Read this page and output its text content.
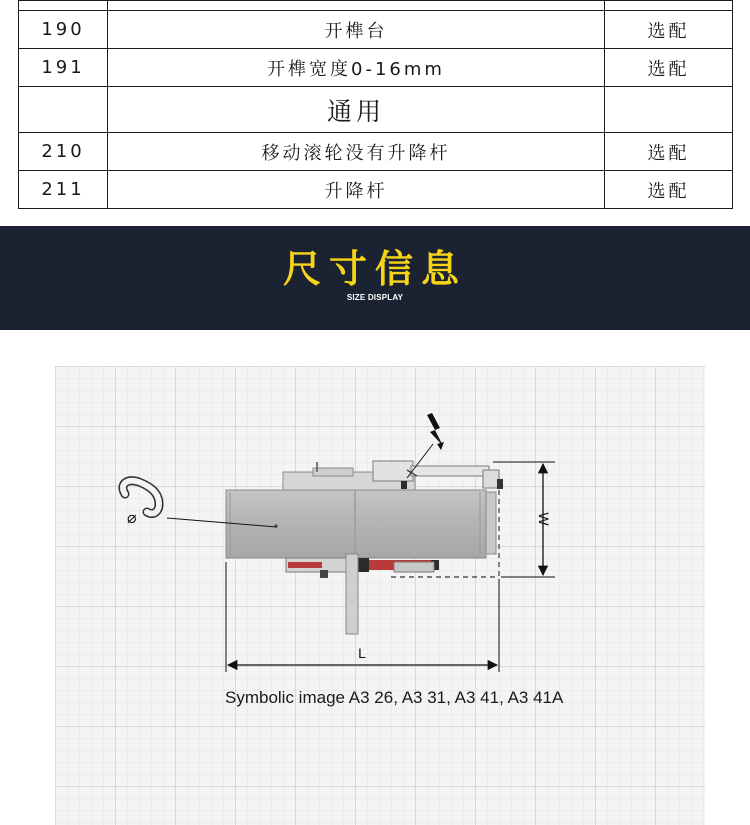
190	开榫台	选配
191	开榫宽度0-16mm	选配
	通用	
210	移动滚轮没有升降杆	选配
211	升降杆	选配
尺寸信息
SIZE DISPLAY
W
L
⌀
Symbolic image A3 26, A3 31, A3 41, A3 41A
